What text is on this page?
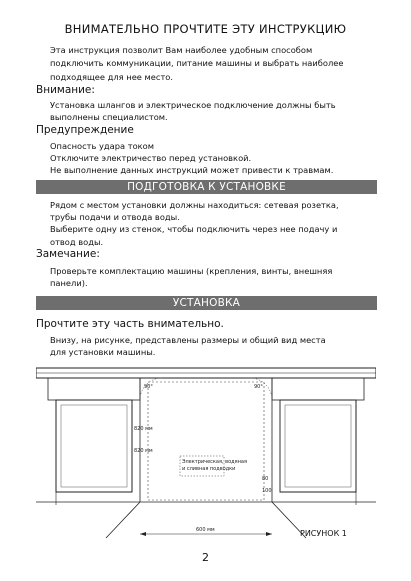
ВНИМАТЕЛЬНО ПРОЧТИТЕ ЭТУ ИНСТРУКЦИЮ
Эта инструкция позволит Вам наиболее удобным способом
подключить коммуникации, питание машины и выбрать наиболее
подходящее для нее место.
Внимание:
Установка шлангов и электрическое подключение должны быть
выполнены специалистом.
Предупреждение
Опасность удара током
Отключите электричество перед установкой.
Не выполнение данных инструкций может привести к травмам.
ПОДГОТОВКА К УСТАНОВКЕ
Рядом с местом установки должны находиться: сетевая розетка,
трубы подачи и отвода воды.
Выберите одну из стенок, чтобы подключить через нее подачу и
отвод воды.
Замечание:
Проверьте комплектацию машины (крепления, винты, внешняя
панели).
УСТАНОВКА
Прочтите эту часть внимательно.
Внизу, на рисунке, представлены размеры и общий вид места
для установки машины.
90°	90°
820 мм
820 мм
600 мм
Электрическая, водяная
и сливная подводки
80
100
РИСУНОК 1
2
